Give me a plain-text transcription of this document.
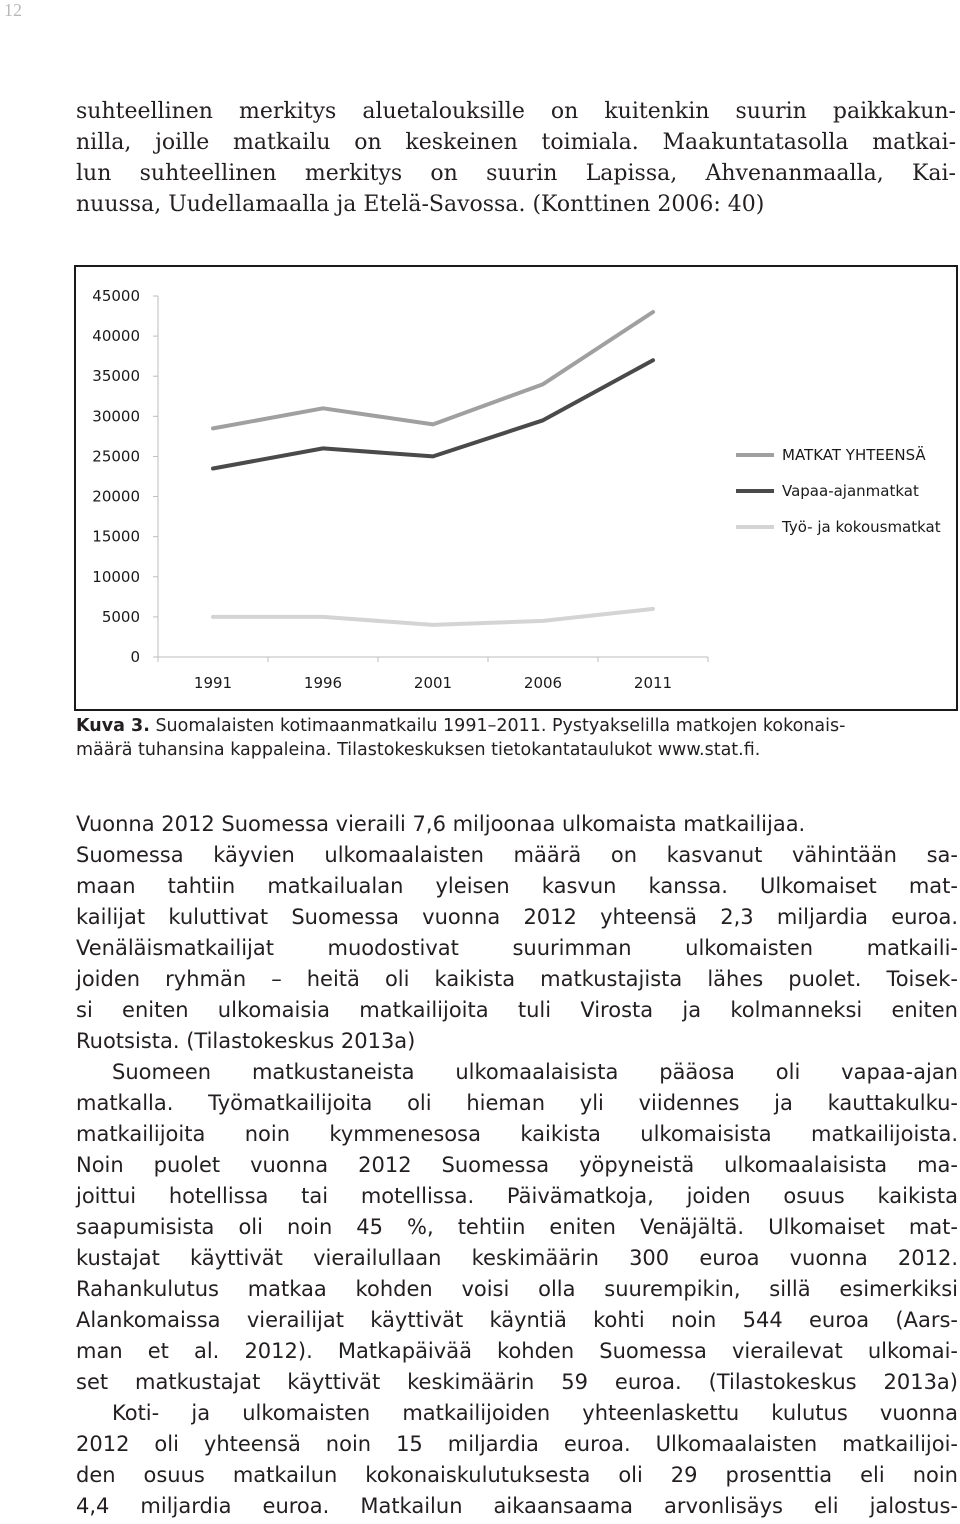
12
suhteellinen merkitys aluetalouksille on kuitenkin suurin paikkakun-
nilla, joille matkailu on keskeinen toimiala. Maakuntatasolla matkai-
lun suhteellinen merkitys on suurin Lapissa, Ahvenanmaalla, Kai-
nuussa, Uudellamaalla ja Etelä-Savossa. (Konttinen 2006: 40)
45000
40000
35000
30000
25000
20000
15000
10000
5000
0
1991	1996	2001	2006	2011
MATKAT YHTEENSÄ
Vapaa-ajanmatkat
Työ- ja kokousmatkat
Kuva 3. Suomalaisten kotimaanmatkailu 1991–2011. Pystyakselilla matkojen kokonais-
määrä tuhansina kappaleina. Tilastokeskuksen tietokantataulukot www.stat.fi.
Vuonna 2012 Suomessa vieraili 7,6 miljoonaa ulkomaista matkailijaa.
Suomessa käyvien ulkomaalaisten määrä on kasvanut vähintään sa-
maan tahtiin matkailualan yleisen kasvun kanssa. Ulkomaiset mat-
kailijat kuluttivat Suomessa vuonna 2012 yhteensä 2,3 miljardia euroa.
Venäläismatkailijat muodostivat suurimman ulkomaisten matkaili-
joiden ryhmän – heitä oli kaikista matkustajista lähes puolet. Toisek-
si eniten ulkomaisia matkailijoita tuli Virosta ja kolmanneksi eniten
Ruotsista. (Tilastokeskus 2013a)
Suomeen matkustaneista ulkomaalaisista pääosa oli vapaa-ajan
matkalla. Työmatkailijoita oli hieman yli viidennes ja kauttakulku-
matkailijoita noin kymmenesosa kaikista ulkomaisista matkailijoista.
Noin puolet vuonna 2012 Suomessa yöpyneistä ulkomaalaisista ma-
joittui hotellissa tai motellissa. Päivämatkoja, joiden osuus kaikista
saapumisista oli noin 45 %, tehtiin eniten Venäjältä. Ulkomaiset mat-
kustajat käyttivät vierailullaan keskimäärin 300 euroa vuonna 2012.
Rahankulutus matkaa kohden voisi olla suurempikin, sillä esimerkiksi
Alankomaissa vierailijat käyttivät käyntiä kohti noin 544 euroa (Aars-
man et al. 2012). Matkapäivää kohden Suomessa vierailevat ulkomai-
set matkustajat käyttivät keskimäärin 59 euroa. (Tilastokeskus 2013a)
Koti- ja ulkomaisten matkailijoiden yhteenlaskettu kulutus vuonna
2012 oli yhteensä noin 15 miljardia euroa. Ulkomaalaisten matkailijoi-
den osuus matkailun kokonaiskulutuksesta oli 29 prosenttia eli noin
4,4 miljardia euroa. Matkailun aikaansaama arvonlisäys eli jalostus-
